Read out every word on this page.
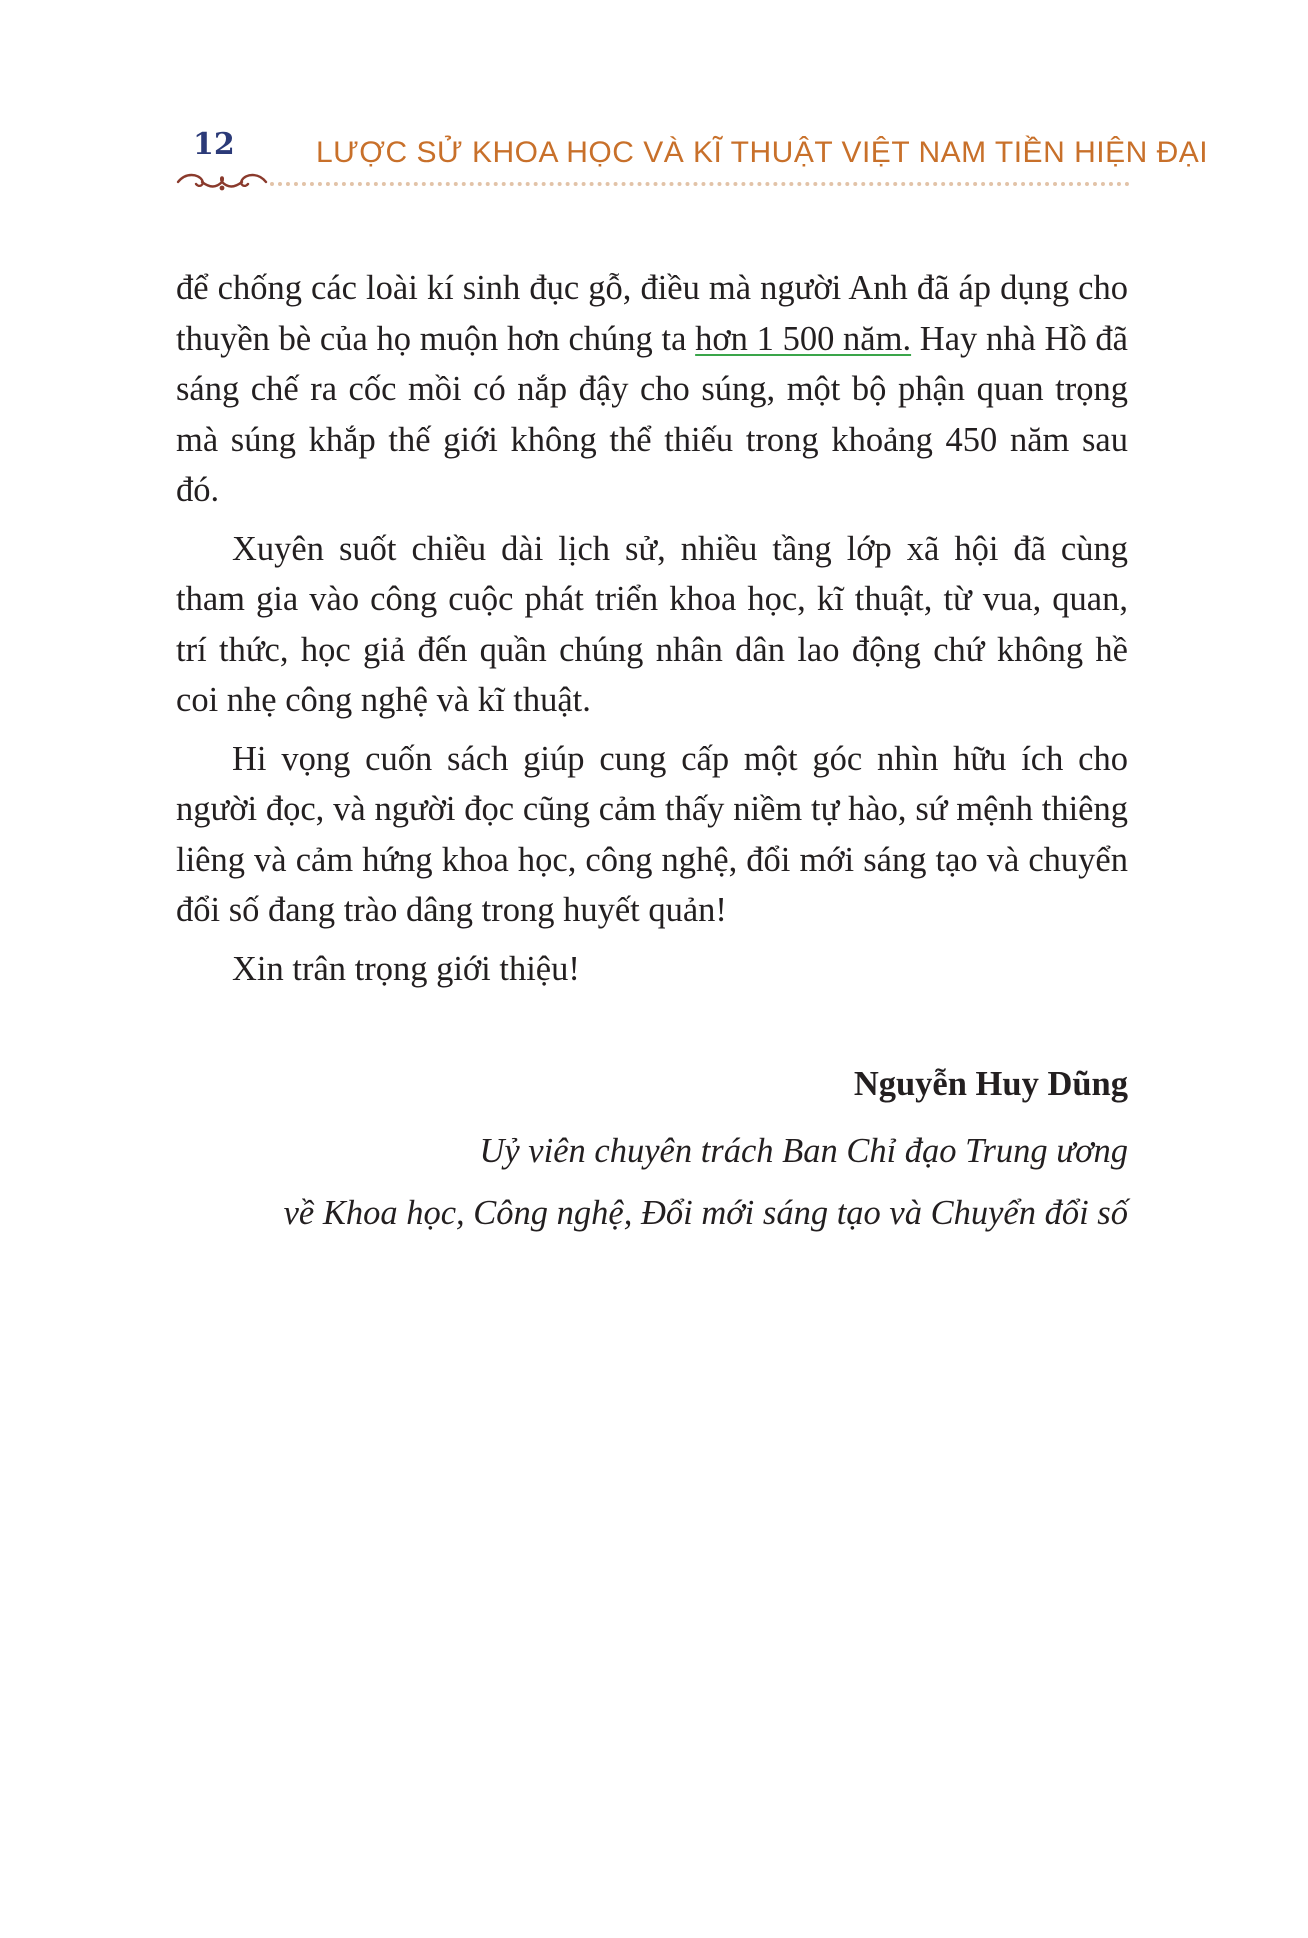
12	LƯỢC SỬ KHOA HỌC VÀ KĨ THUẬT VIỆT NAM TIỀN HIỆN ĐẠI

để chống các loài kí sinh đục gỗ, điều mà người Anh đã áp dụng cho thuyền bè của họ muộn hơn chúng ta hơn 1 500 năm. Hay nhà Hồ đã sáng chế ra cốc mồi có nắp đậy cho súng, một bộ phận quan trọng mà súng khắp thế giới không thể thiếu trong khoảng 450 năm sau đó.

Xuyên suốt chiều dài lịch sử, nhiều tầng lớp xã hội đã cùng tham gia vào công cuộc phát triển khoa học, kĩ thuật, từ vua, quan, trí thức, học giả đến quần chúng nhân dân lao động chứ không hề coi nhẹ công nghệ và kĩ thuật.

Hi vọng cuốn sách giúp cung cấp một góc nhìn hữu ích cho người đọc, và người đọc cũng cảm thấy niềm tự hào, sứ mệnh thiêng liêng và cảm hứng khoa học, công nghệ, đổi mới sáng tạo và chuyển đổi số đang trào dâng trong huyết quản!

Xin trân trọng giới thiệu!

Nguyễn Huy Dũng
Uỷ viên chuyên trách Ban Chỉ đạo Trung ương
về Khoa học, Công nghệ, Đổi mới sáng tạo và Chuyển đổi số
